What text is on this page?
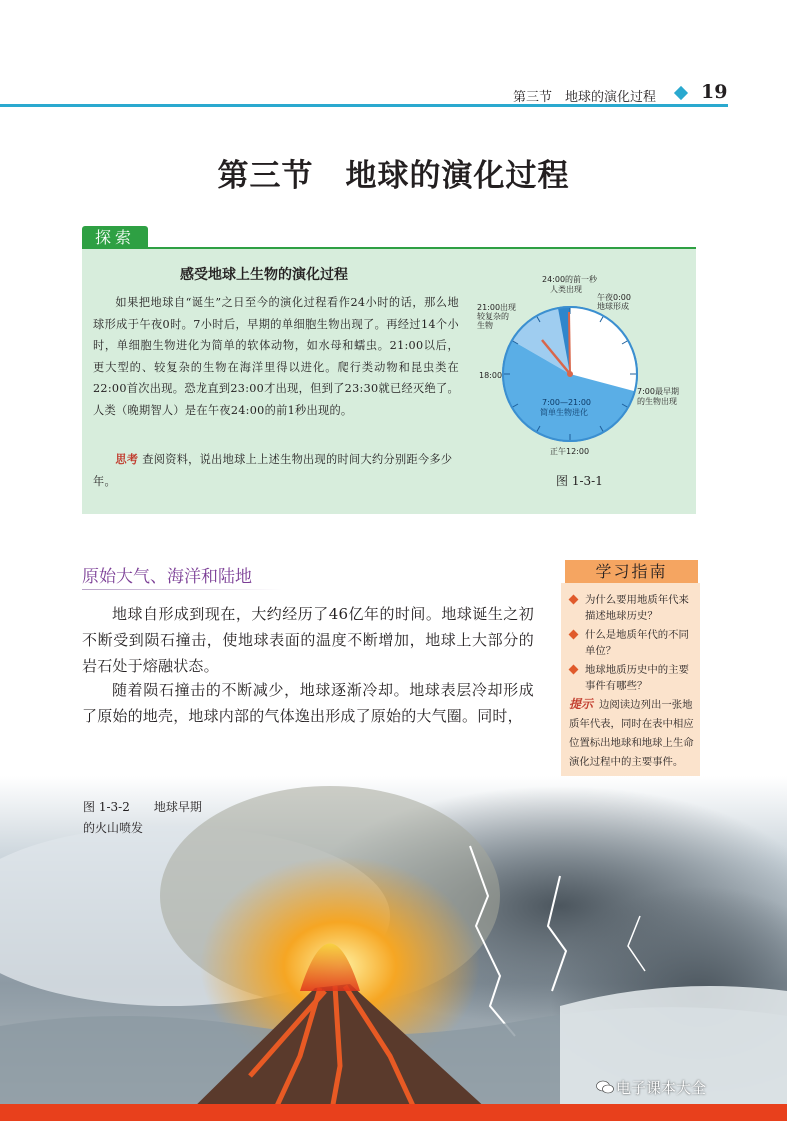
第三节　地球的演化过程 19
第三节　地球的演化过程
探索
感受地球上生物的演化过程
如果把地球自“诞生”之日至今的演化过程看作24小时的话，那么地球形成于午夜0时。7小时后，早期的单细胞生物出现了。再经过14个小时，单细胞生物进化为简单的软体动物，如水母和蠕虫。21:00以后，更大型的、较复杂的生物在海洋里得以进化。爬行类动物和昆虫类在22:00首次出现。恐龙直到23:00才出现，但到了23:30就已经灭绝了。人类（晚期智人）是在午夜24:00的前1秒出现的。
思考 查阅资料，说出地球上上述生物出现的时间大约分别距今多少年。
24:00的前一秒
人类出现
午夜0:00
地球形成
21:00出现
较复杂的
生物
18:00
7:00最早期
的生物出现
7:00—21:00
简单生物进化
正午12:00
图 1-3-1
原始大气、海洋和陆地
地球自形成到现在，大约经历了46亿年的时间。地球诞生之初不断受到陨石撞击，使地球表面的温度不断增加，地球上大部分的岩石处于熔融状态。
随着陨石撞击的不断减少，地球逐渐冷却。地球表层冷却形成了原始的地壳，地球内部的气体逸出形成了原始的大气圈。同时，
学习指南
为什么要用地质年代来描述地球历史？
什么是地质年代的不同单位？
地球地质历史中的主要事件有哪些？
提示 边阅读边列出一张地质年代表，同时在表中相应位置标出地球和地球上生命演化过程中的主要事件。
图 1-3-2　　地球早期
的火山喷发
电子课本大全
